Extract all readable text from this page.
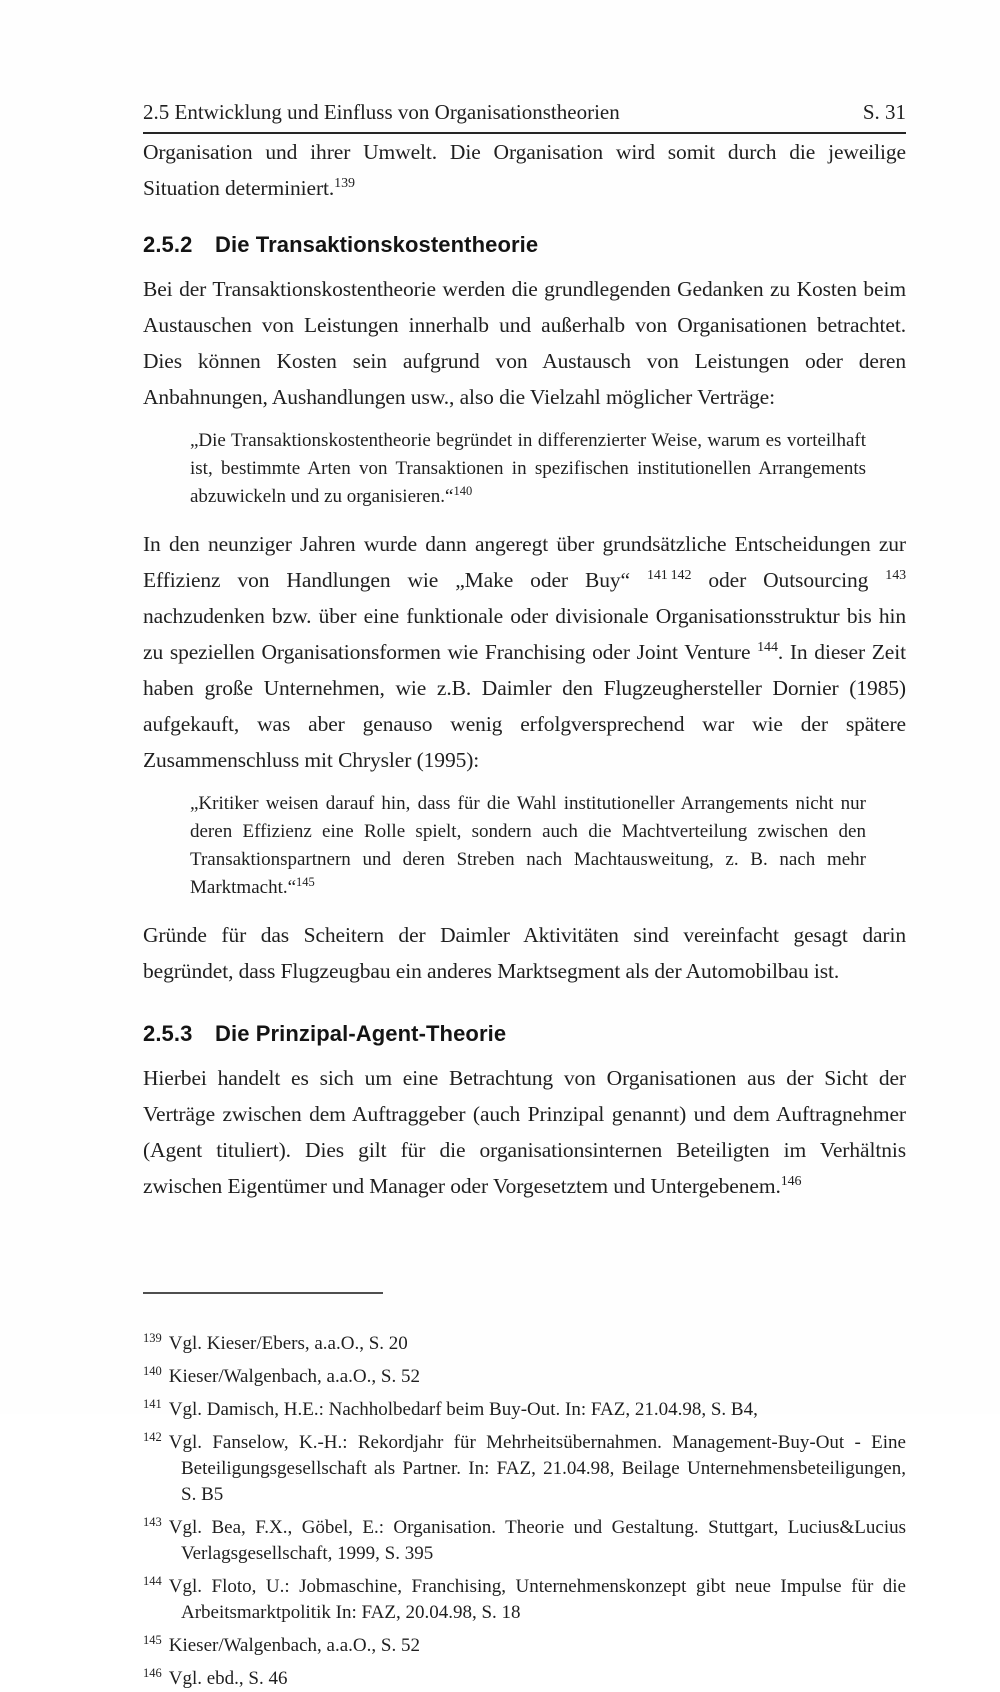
2.5 Entwicklung und Einfluss von Organisationstheorien	S. 31

Organisation und ihrer Umwelt. Die Organisation wird somit durch die jeweilige Situation determiniert.$^{139}$

2.5.2 Die Transaktionskostentheorie

Bei der Transaktionskostentheorie werden die grundlegenden Gedanken zu Kosten beim Austauschen von Leistungen innerhalb und außerhalb von Organisationen betrachtet. Dies können Kosten sein aufgrund von Austausch von Leistungen oder deren Anbahnungen, Aushandlungen usw., also die Vielzahl möglicher Verträge:

„Die Transaktionskostentheorie begründet in differenzierter Weise, warum es vorteilhaft ist, bestimmte Arten von Transaktionen in spezifischen institutionellen Arrangements abzuwickeln und zu organisieren.“$^{140}$

In den neunziger Jahren wurde dann angeregt über grundsätzliche Entscheidungen zur Effizienz von Handlungen wie „Make oder Buy“ $^{141}$ $^{142}$ oder Outsourcing $^{143}$ nachzudenken bzw. über eine funktionale oder divisionale Organisationsstruktur bis hin zu speziellen Organisationsformen wie Franchising oder Joint Venture $^{144}$. In dieser Zeit haben große Unternehmen, wie z.B. Daimler den Flugzeughersteller Dornier (1985) aufgekauft, was aber genauso wenig erfolgversprechend war wie der spätere Zusammenschluss mit Chrysler (1995):

„Kritiker weisen darauf hin, dass für die Wahl institutioneller Arrangements nicht nur deren Effizienz eine Rolle spielt, sondern auch die Machtverteilung zwischen den Transaktionspartnern und deren Streben nach Machtausweitung, z. B. nach mehr Marktmacht.“$^{145}$

Gründe für das Scheitern der Daimler Aktivitäten sind vereinfacht gesagt darin begründet, dass Flugzeugbau ein anderes Marktsegment als der Automobilbau ist.

2.5.3 Die Prinzipal-Agent-Theorie

Hierbei handelt es sich um eine Betrachtung von Organisationen aus der Sicht der Verträge zwischen dem Auftraggeber (auch Prinzipal genannt) und dem Auftragnehmer (Agent tituliert). Dies gilt für die organisationsinternen Beteiligten im Verhältnis zwischen Eigentümer und Manager oder Vorgesetztem und Untergebenem.$^{146}$

$^{139}$ Vgl. Kieser/Ebers, a.a.O., S. 20

$^{140}$ Kieser/Walgenbach, a.a.O., S. 52

$^{141}$ Vgl. Damisch, H.E.: Nachholbedarf beim Buy-Out. In: FAZ, 21.04.98, S. B4,

$^{142}$ Vgl. Fanselow, K.-H.: Rekordjahr für Mehrheitsübernahmen. Management-Buy-Out - Eine Beteiligungsgesellschaft als Partner. In: FAZ, 21.04.98, Beilage Unternehmensbeteiligungen, S. B5

$^{143}$ Vgl. Bea, F.X., Göbel, E.: Organisation. Theorie und Gestaltung. Stuttgart, Lucius&Lucius Verlagsgesellschaft, 1999, S. 395

$^{144}$ Vgl. Floto, U.: Jobmaschine, Franchising, Unternehmenskonzept gibt neue Impulse für die Arbeitsmarktpolitik In: FAZ, 20.04.98, S. 18

$^{145}$ Kieser/Walgenbach, a.a.O., S. 52

$^{146}$ Vgl. ebd., S. 46
